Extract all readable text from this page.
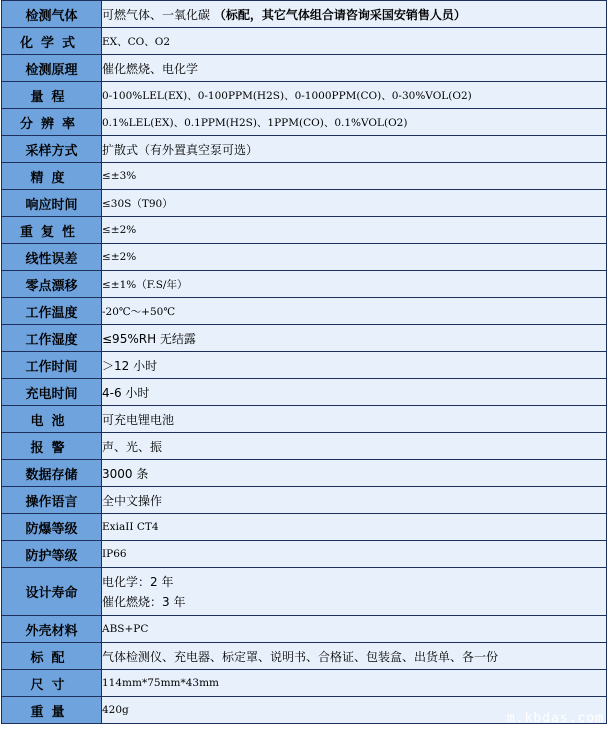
检测气体	可燃气体、一氧化碳 （标配，其它气体组合请咨询采国安销售人员）
化学式	EX、CO、O2
检测原理	催化燃烧、电化学
量程	0-100%LEL(EX)、0-100PPM(H2S)、0-1000PPM(CO)、0-30%VOL(O2)
分辨率	0.1%LEL(EX)、0.1PPM(H2S)、1PPM(CO)、0.1%VOL(O2)
采样方式	扩散式（有外置真空泵可选）
精度	≤±3%
响应时间	≤30S（T90）
重复性	≤±2%
线性误差	≤±2%
零点漂移	≤±1%（F.S/年）
工作温度	-20℃～+50℃
工作湿度	≤95%RH 无结露
工作时间	＞12 小时
充电时间	4-6 小时
电池	可充电锂电池
报警	声、光、振
数据存储	3000 条
操作语言	全中文操作
防爆等级	ExiaII CT4
防护等级	IP66
设计寿命	电化学：2 年
催化燃烧：3 年

外壳材料	ABS+PC
标配	气体检测仪、充电器、标定罩、说明书、合格证、包装盒、出货单、各一份
尺寸	114mm*75mm*43mm
重量	420g
m.kbdas.com
